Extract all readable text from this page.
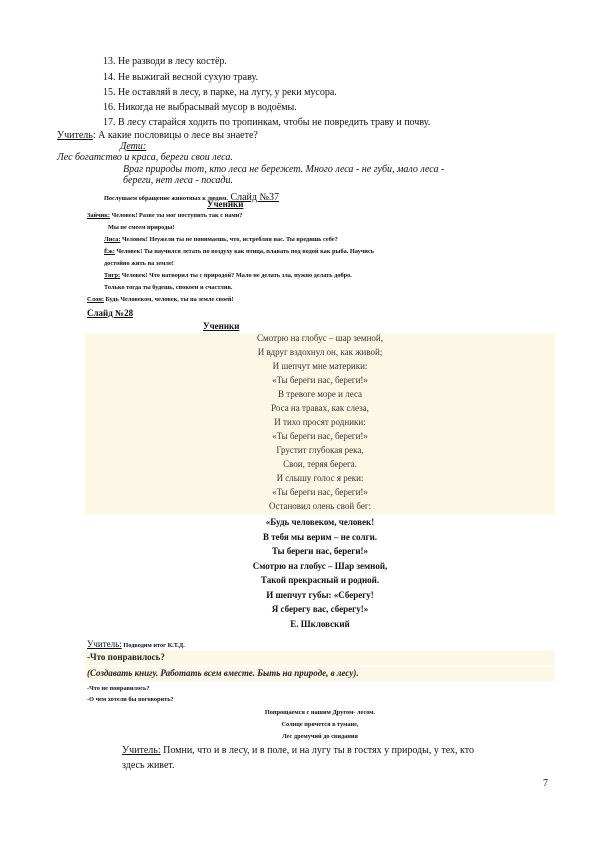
13. Не разводи в лесу костёр.
14. Не выжигай весной сухую траву.
15. Не оставляй в лесу, в парке, на лугу, у реки мусора.
16. Никогда не выбрасывай мусор в водоёмы.
17. В лесу старайся ходить по тропинкам, чтобы не повредить траву и почву.
Учитель: А какие пословицы о лесе вы знаете?
Дети:
Лес богатство и краса, береги свои леса.
Враг природы тот, кто леса не бережет. Много леса - не губи, мало леса -
береги, нет леса - посади.
Послушаем обращение животных к людям. Слайд №37
Ученики
Зайчик: Человек! Разве ты мог поступить так с нами?
Мы не смеем природы!
Лиса: Человек! Неужели ты не понимаешь, что, истребляя нас. Ты вредишь себе?
Ёж: Человек! Ты научился летать по воздуху как птица, плавать под водой как рыба. Научись
достойно жить на земле!
Тигр: Человек! Что натворил ты с природой? Мало не делать зла, нужно делать добро.
Только тогда ты будешь, спокоен и счастлив.
Слон: Будь Человеком, человек, ты на земле своей!
Слайд №28
Ученики
Смотрю на глобус – шар земной,
И вдруг вздохнул он, как живой;
И шепчут мне материки:
«Ты береги нас, береги!»
В тревоге море и леса
Роса на травах, как слеза,
И тихо просят родники:
«Ты береги нас, береги!»
Грустит глубокая река,
Свои, теряя берега.
И слышу голос я реки:
«Ты береги нас, береги!»
Остановил олень свой бег:
«Будь человеком, человек!
В тебя мы верим – не солги.
Ты береги нас, береги!»
Смотрю на глобус – Шар земной,
Такой прекрасный и родной.
И шепчут губы: «Сберегу!
Я сберегу вас, сберегу!»
Е. Шкловский
Учитель: Подводим итог К.Т.Д.
-Что понравилось?
(Создавать книгу. Работать всем вместе. Быть на природе, в лесу).
-Что не понравилось?
-О чем хотели бы поговорить?
Попрощаемся с нашим Другом- лесом.
Солнце прячется в тумане,
Лес дремучий до свидания
Учитель: Помни, что и в лесу, и в поле, и на лугу ты в гостях у природы, у тех, кто
здесь живет.
7
